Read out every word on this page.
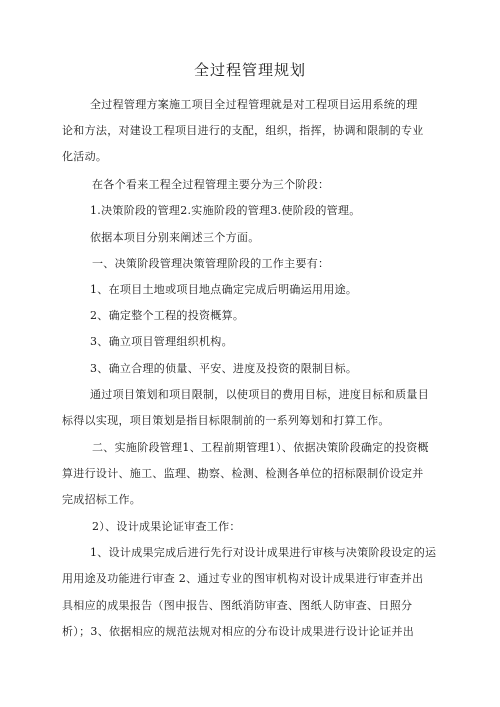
全过程管理规划
全过程管理方案施工项目全过程管理就是对工程项目运用系统的理
论和方法，对建设工程项目进行的支配，组织，指挥，协调和限制的专业
化活动。
在各个看来工程全过程管理主要分为三个阶段：
1.决策阶段的管理2.实施阶段的管理3.使阶段的管理。
依据本项目分别来阐述三个方面。
一、决策阶段管理决策管理阶段的工作主要有：
1、在项目土地或项目地点确定完成后明确运用用途。
2、确定整个工程的投资概算。
3、确立项目管理组织机构。
3、确立合理的侦量、平安、进度及投资的限制目标。
通过项目策划和项目限制，以使项目的费用目标，进度目标和质量目
标得以实现，项目策划是指目标限制前的一系列筹划和打算工作。
二、实施阶段管理1、工程前期管理1）、依据决策阶段确定的投资概
算进行设计、施工、监理、勘察、检测、检测各单位的招标限制价设定并
完成招标工作。
2）、设计成果论证审查工作：
1、设计成果完成后进行先行对设计成果进行审核与决策阶段设定的运
用用途及功能进行审查 2、通过专业的图审机构对设计成果进行审查并出
具相应的成果报告（图申报告、图纸消防审查、图纸人防审查、日照分
析）；3、依据相应的规范法规对相应的分布设计成果进行设计论证并出
